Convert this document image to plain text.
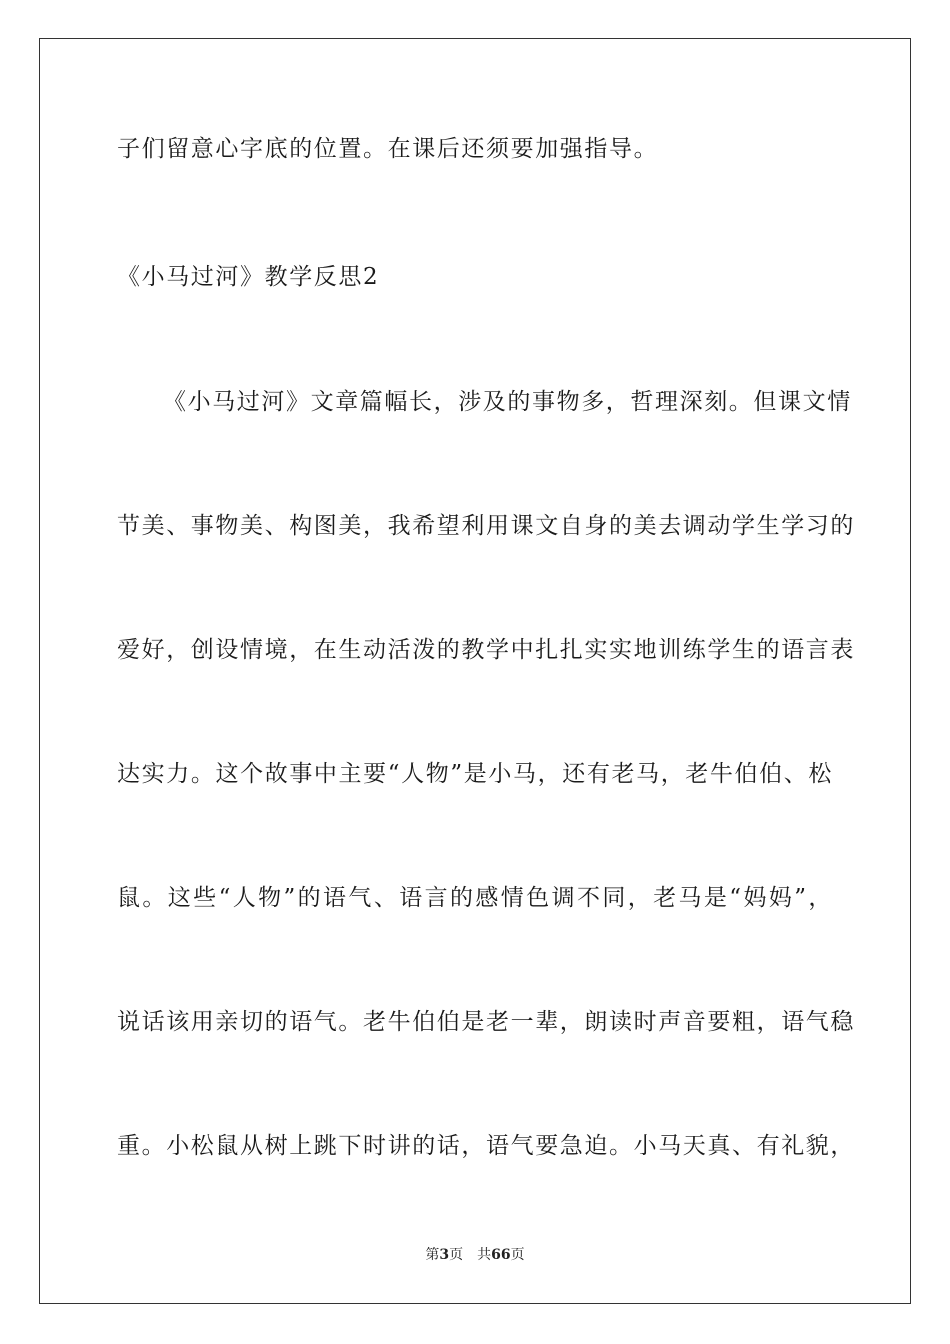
子们留意心字底的位置。在课后还须要加强指导。
《小马过河》教学反思2
《小马过河》文章篇幅长，涉及的事物多，哲理深刻。但课文情
节美、事物美、构图美，我希望利用课文自身的美去调动学生学习的
爱好，创设情境，在生动活泼的教学中扎扎实实地训练学生的语言表
达实力。这个故事中主要“人物”是小马，还有老马，老牛伯伯、松
鼠。这些“人物”的语气、语言的感情色调不同，老马是“妈妈”，
说话该用亲切的语气。老牛伯伯是老一辈，朗读时声音要粗，语气稳
重。小松鼠从树上跳下时讲的话，语气要急迫。小马天真、有礼貌，
第3页 共66页
